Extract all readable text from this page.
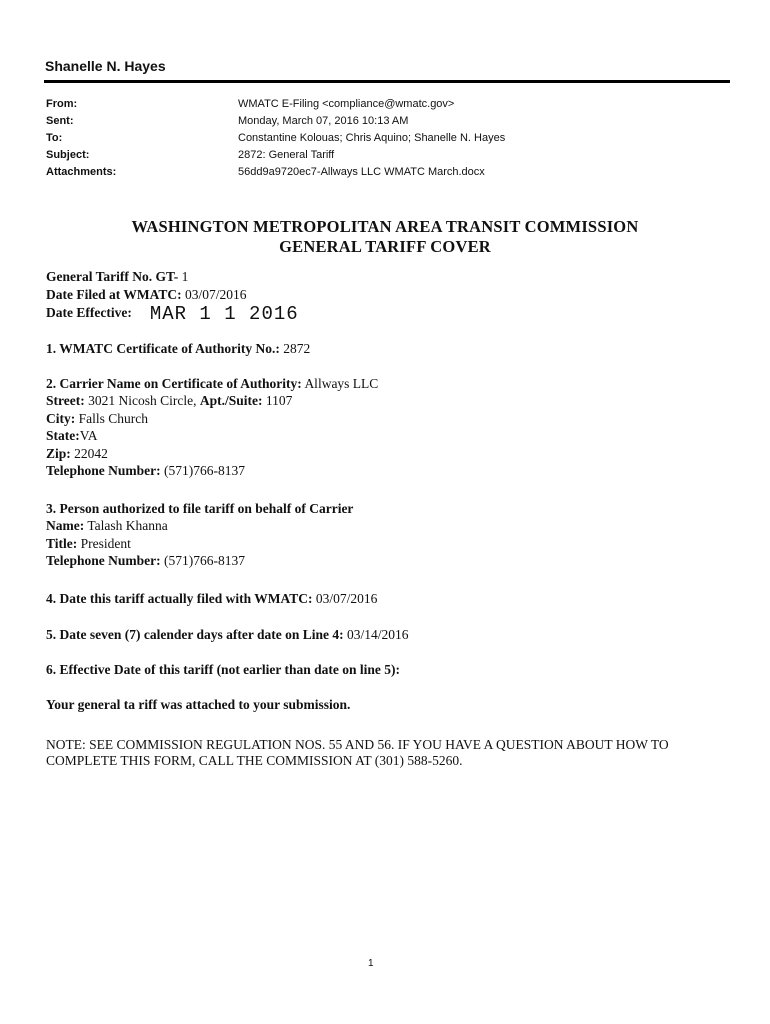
Shanelle N. Hayes
From:	WMATC E-Filing <compliance@wmatc.gov>
Sent:	Monday, March 07, 2016 10:13 AM
To:	Constantine Kolouas; Chris Aquino; Shanelle N. Hayes
Subject:	2872: General Tariff
Attachments:	56dd9a9720ec7-Allways LLC WMATC March.docx
WASHINGTON METROPOLITAN AREA TRANSIT COMMISSION
GENERAL TARIFF COVER
General Tariff No. GT- 1
Date Filed at WMATC: 03/07/2016
Date Effective: MAR 1 1 2016
1. WMATC Certificate of Authority No.: 2872
2. Carrier Name on Certificate of Authority: Allways LLC
Street: 3021 Nicosh Circle, Apt./Suite: 1107
City: Falls Church
State:VA
Zip: 22042
Telephone Number: (571)766-8137
3. Person authorized to file tariff on behalf of Carrier
Name: Talash Khanna
Title: President
Telephone Number: (571)766-8137
4. Date this tariff actually filed with WMATC: 03/07/2016
5. Date seven (7) calender days after date on Line 4: 03/14/2016
6. Effective Date of this tariff (not earlier than date on line 5):
Your general ta riff was attached to your submission.
NOTE: SEE COMMISSION REGULATION NOS. 55 AND 56. IF YOU HAVE A QUESTION ABOUT HOW TO COMPLETE THIS FORM, CALL THE COMMISSION AT (301) 588-5260.
1
